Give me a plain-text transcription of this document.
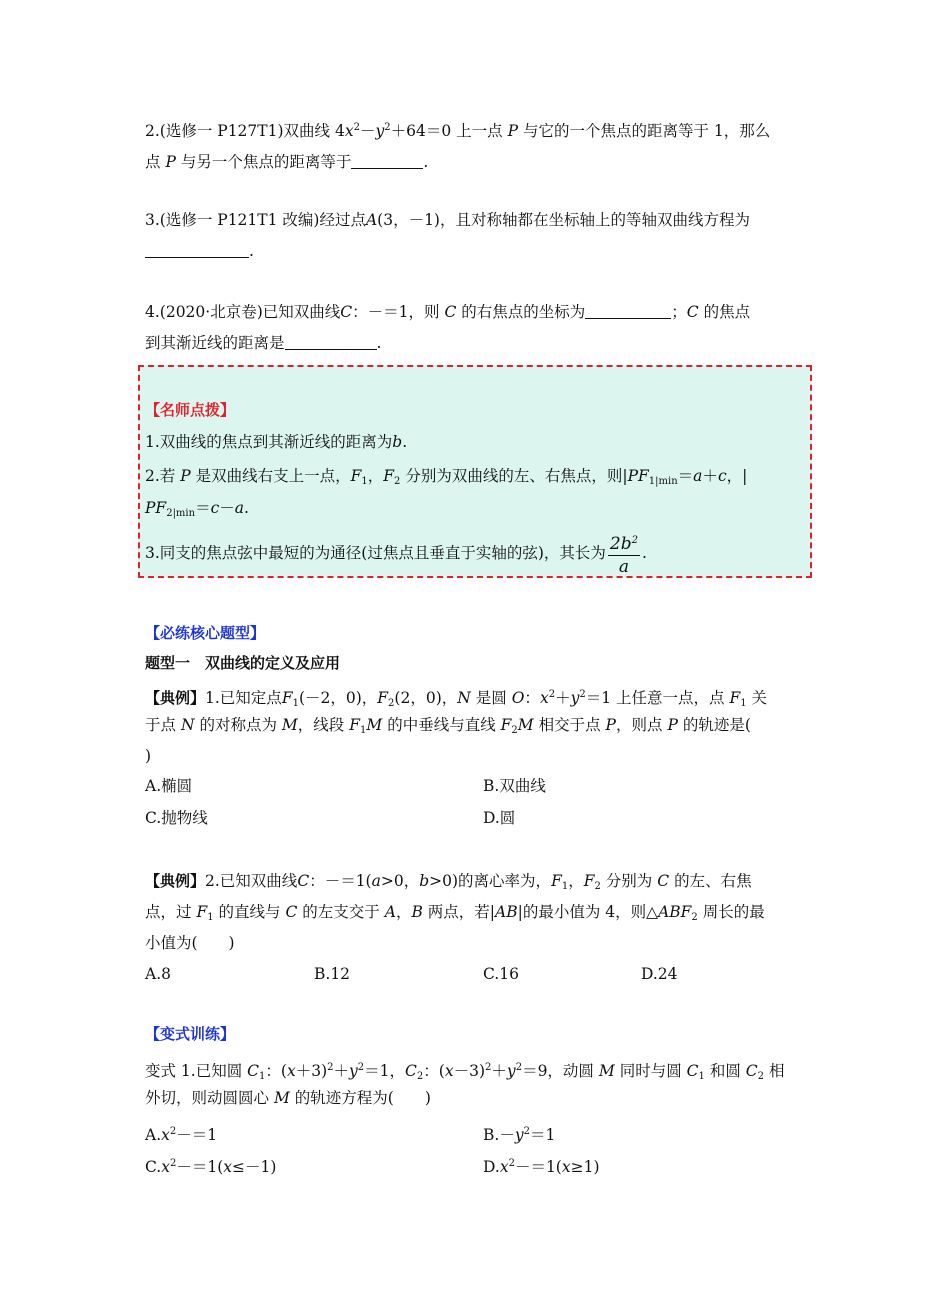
2.(选修一 P127T1)双曲线 $4x^2-y^2+64=0$ 上一点 P 与它的一个焦点的距离等于 1，那么
点 P 与另一个焦点的距离等于	.
3.(选修一 P121T1 改编)经过点A(3，－1)，且对称轴都在坐标轴上的等轴双曲线方程为
.
4.(2020·北京卷)已知双曲线C：－＝1，则 C 的右焦点的坐标为	；C 的焦点
到其渐近线的距离是	.
【名师点拨】
1.双曲线的焦点到其渐近线的距离为b.
2.若 P 是双曲线右支上一点，$F_1$，$F_2$ 分别为双曲线的左、右焦点，则$|PF_{1|min}=a+c$，|
$PF_{2|min}=c-a$.
3.同支的焦点弦中最短的为通径(过焦点且垂直于实轴的弦)，其长为 $\frac{2b^2}{a}$ .
【必练核心题型】
题型一　双曲线的定义及应用
【典例】1.已知定点$F_1(-2$，0)，$F_2(2$，0)，N 是圆 O：$x^2+y^2=1$ 上任意一点，点 $F_1$ 关
于点 N 的对称点为 M，线段 $F_1M$ 的中垂线与直线 $F_2M$ 相交于点 P，则点 P 的轨迹是(
)
A.椭圆	B.双曲线
C.抛物线	D.圆
【典例】2.已知双曲线C：－＝1(a>0，b>0)的离心率为，$F_1$，$F_2$ 分别为 C 的左、右焦
点，过 $F_1$ 的直线与 C 的左支交于 A，B 两点，若|AB|的最小值为 4，则$\triangle ABF_2$ 周长的最
小值为(　　)
A.8	B.12	C.16	D.24
【变式训练】
变式 1.已知圆 $C_1$：$(x+3)^2+y^2=1$，$C_2$：$(x-3)^2+y^2=9$，动圆 M 同时与圆 $C_1$ 和圆 $C_2$ 相
外切，则动圆圆心 M 的轨迹方程为(　　)
$A.x^2-=1$	$B.-y^2=1$
$C.x^2-=1(x\le-1)$	$D.x^2-=1(x\ge 1)$
